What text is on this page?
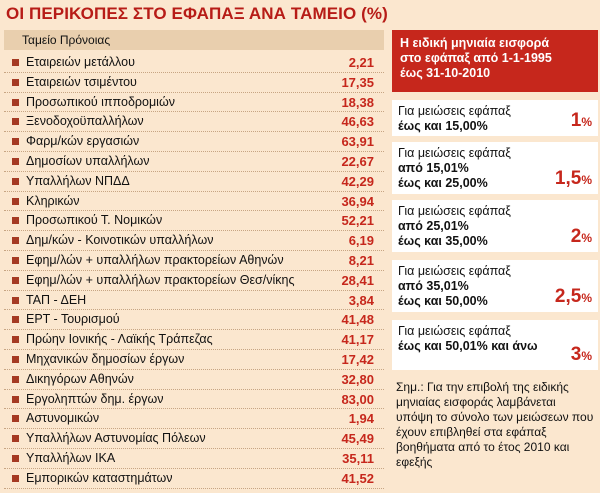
ΟΙ ΠΕΡΙΚΟΠΕΣ ΣΤΟ ΕΦΑΠΑΞ ΑΝΑ ΤΑΜΕΙΟ (%)
Ταμείο Πρόνοιας
Εταιρειών μετάλλου	2,21
Εταιρειών τσιμέντου	17,35
Προσωπικού ιπποδρομιών	18,38
Ξενοδοχοϋπαλλήλων	46,63
Φαρμ/κών εργασιών	63,91
Δημοσίων υπαλλήλων	22,67
Υπαλλήλων ΝΠΔΔ	42,29
Κληρικών	36,94
Προσωπικού Τ. Νομικών	52,21
Δημ/κών - Κοινοτικών υπαλλήλων	6,19
Εφημ/λών + υπαλλήλων πρακτορείων Αθηνών	8,21
Εφημ/λών + υπαλλήλων πρακτορείων Θεσ/νίκης	28,41
ΤΑΠ - ΔΕΗ	3,84
ΕΡΤ - Τουρισμού	41,48
Πρώην Ιονικής - Λαϊκής Τράπεζας	41,17
Μηχανικών δημοσίων έργων	17,42
Δικηγόρων Αθηνών	32,80
Εργοληπτών δημ. έργων	83,00
Αστυνομικών	1,94
Υπαλλήλων Αστυνομίας Πόλεων	45,49
Υπαλλήλων ΙΚΑ	35,11
Εμπορικών καταστημάτων	41,52
Η ειδική μηνιαία εισφορά
στο εφάπαξ από 1-1-1995
έως 31-10-2010
Για μειώσεις εφάπαξ
έως και 15,00%	1%
Για μειώσεις εφάπαξ
από 15,01%
έως και 25,00%	1,5%
Για μειώσεις εφάπαξ
από 25,01%
έως και 35,00%	2%
Για μειώσεις εφάπαξ
από 35,01%
έως και 50,00%	2,5%
Για μειώσεις εφάπαξ
έως και 50,01% και άνω	3%
Σημ.: Για την επιβολή της ειδικής μηνιαίας εισφοράς λαμβάνεται υπόψη το σύνολο των μειώσεων που έχουν επιβληθεί στα εφάπαξ βοηθήματα από το έτος 2010 και εφεξής
